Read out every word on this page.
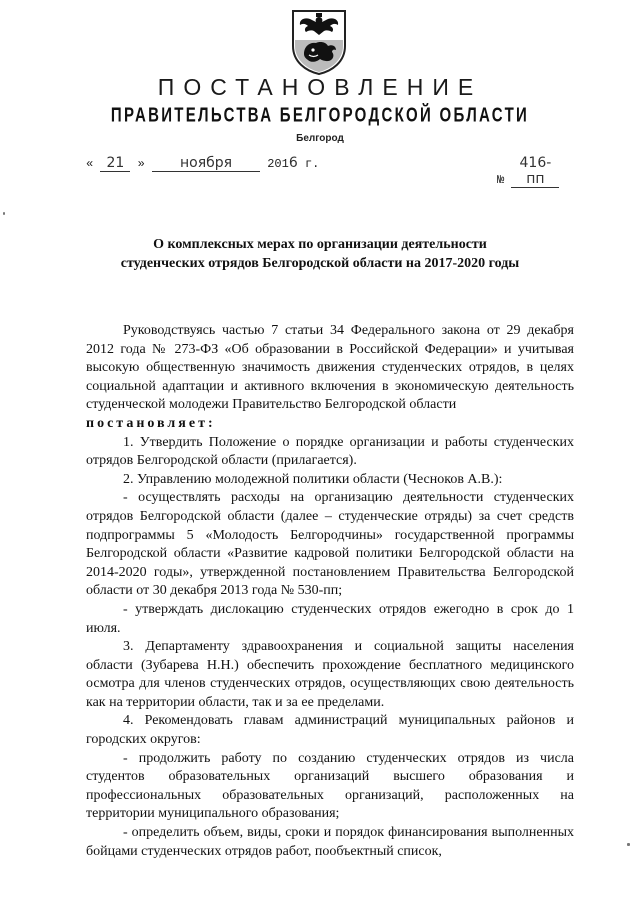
ПОСТАНОВЛЕНИЕ
ПРАВИТЕЛЬСТВА БЕЛГОРОДСКОЙ ОБЛАСТИ
Белгород
« 21 »	ноября	2016 г.
№ 416-пп
О комплексных мерах по организации деятельности
студенческих отрядов Белгородской области на 2017-2020 годы

Руководствуясь частью 7 статьи 34 Федерального закона от 29 декабря 2012 года № 273-ФЗ «Об образовании в Российской Федерации» и учитывая высокую общественную значимость движения студенческих отрядов, в целях социальной адаптации и активного включения в экономическую деятельность студенческой молодежи Правительство Белгородской области

постановляет:

1. Утвердить Положение о порядке организации и работы студенческих отрядов Белгородской области (прилагается).

2. Управлению молодежной политики области (Чесноков А.В.):

- осуществлять расходы на организацию деятельности студенческих отрядов Белгородской области (далее – студенческие отряды) за счет средств подпрограммы 5 «Молодость Белгородчины» государственной программы Белгородской области «Развитие кадровой политики Белгородской области на 2014-2020 годы», утвержденной постановлением Правительства Белгородской области от 30 декабря 2013 года № 530-пп;

- утверждать дислокацию студенческих отрядов ежегодно в срок до 1 июля.

3. Департаменту здравоохранения и социальной защиты населения области (Зубарева Н.Н.) обеспечить прохождение бесплатного медицинского осмотра для членов студенческих отрядов, осуществляющих свою деятельность как на территории области, так и за ее пределами.

4. Рекомендовать главам администраций муниципальных районов и городских округов:

- продолжить работу по созданию студенческих отрядов из числа студентов образовательных организаций высшего образования и профессиональных образовательных организаций, расположенных на территории муниципального образования;

- определить объем, виды, сроки и порядок финансирования выполненных бойцами студенческих отрядов работ, пообъектный список,
